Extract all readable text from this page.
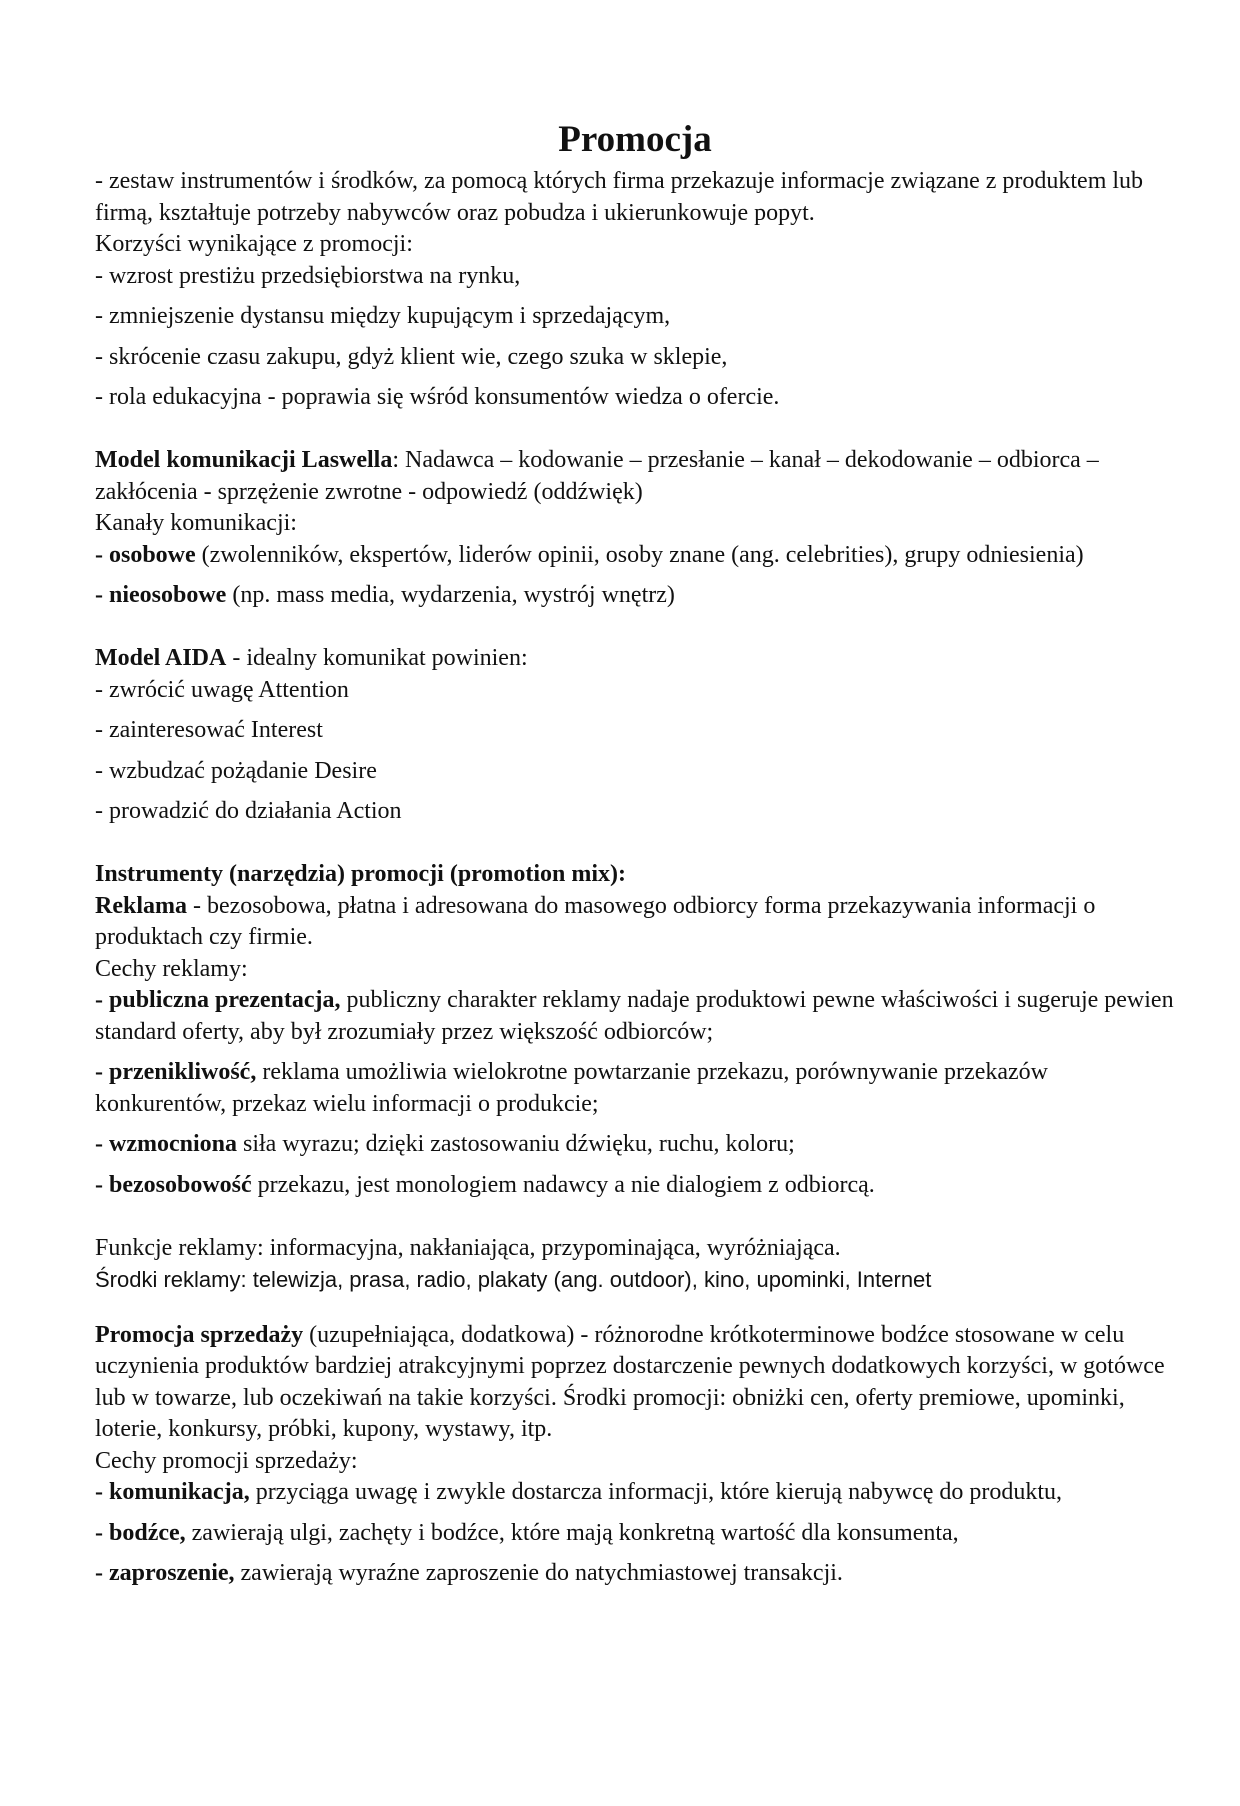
Promocja
- zestaw instrumentów i środków, za pomocą których firma przekazuje informacje związane z produktem lub
firmą, kształtuje potrzeby nabywców oraz pobudza i ukierunkowuje popyt.
Korzyści wynikające z promocji:
- wzrost prestiżu przedsiębiorstwa na rynku,
- zmniejszenie dystansu między kupującym i sprzedającym,
- skrócenie czasu zakupu, gdyż klient wie, czego szuka w sklepie,
- rola edukacyjna - poprawia się wśród konsumentów wiedza o ofercie.
Model komunikacji Laswella: Nadawca – kodowanie – przesłanie – kanał – dekodowanie – odbiorca –
zakłócenia - sprzężenie zwrotne - odpowiedź (oddźwięk)
Kanały komunikacji:
- osobowe (zwolenników, ekspertów, liderów opinii, osoby znane (ang. celebrities), grupy odniesienia)
- nieosobowe (np. mass media, wydarzenia, wystrój wnętrz)
Model AIDA - idealny komunikat powinien:
- zwrócić uwagę Attention
- zainteresować Interest
- wzbudzać pożądanie Desire
- prowadzić do działania Action
Instrumenty (narzędzia) promocji (promotion mix):
Reklama - bezosobowa, płatna i adresowana do masowego odbiorcy forma przekazywania informacji o
produktach czy firmie.
Cechy reklamy:
- publiczna prezentacja, publiczny charakter reklamy nadaje produktowi pewne właściwości i sugeruje pewien
standard oferty, aby był zrozumiały przez większość odbiorców;
- przenikliwość, reklama umożliwia wielokrotne powtarzanie przekazu, porównywanie przekazów
konkurentów, przekaz wielu informacji o produkcie;
- wzmocniona siła wyrazu; dzięki zastosowaniu dźwięku, ruchu, koloru;
- bezosobowość przekazu, jest monologiem nadawcy a nie dialogiem z odbiorcą.
Funkcje reklamy: informacyjna, nakłaniająca, przypominająca, wyróżniająca.
Środki reklamy: telewizja, prasa, radio, plakaty (ang. outdoor), kino, upominki, Internet
Promocja sprzedaży (uzupełniająca, dodatkowa) - różnorodne krótkoterminowe bodźce stosowane w celu
uczynienia produktów bardziej atrakcyjnymi poprzez dostarczenie pewnych dodatkowych korzyści, w gotówce
lub w towarze, lub oczekiwań na takie korzyści. Środki promocji: obniżki cen, oferty premiowe, upominki,
loterie, konkursy, próbki, kupony, wystawy, itp.
Cechy promocji sprzedaży:
- komunikacja, przyciąga uwagę i zwykle dostarcza informacji, które kierują nabywcę do produktu,
- bodźce, zawierają ulgi, zachęty i bodźce, które mają konkretną wartość dla konsumenta,
- zaproszenie, zawierają wyraźne zaproszenie do natychmiastowej transakcji.
